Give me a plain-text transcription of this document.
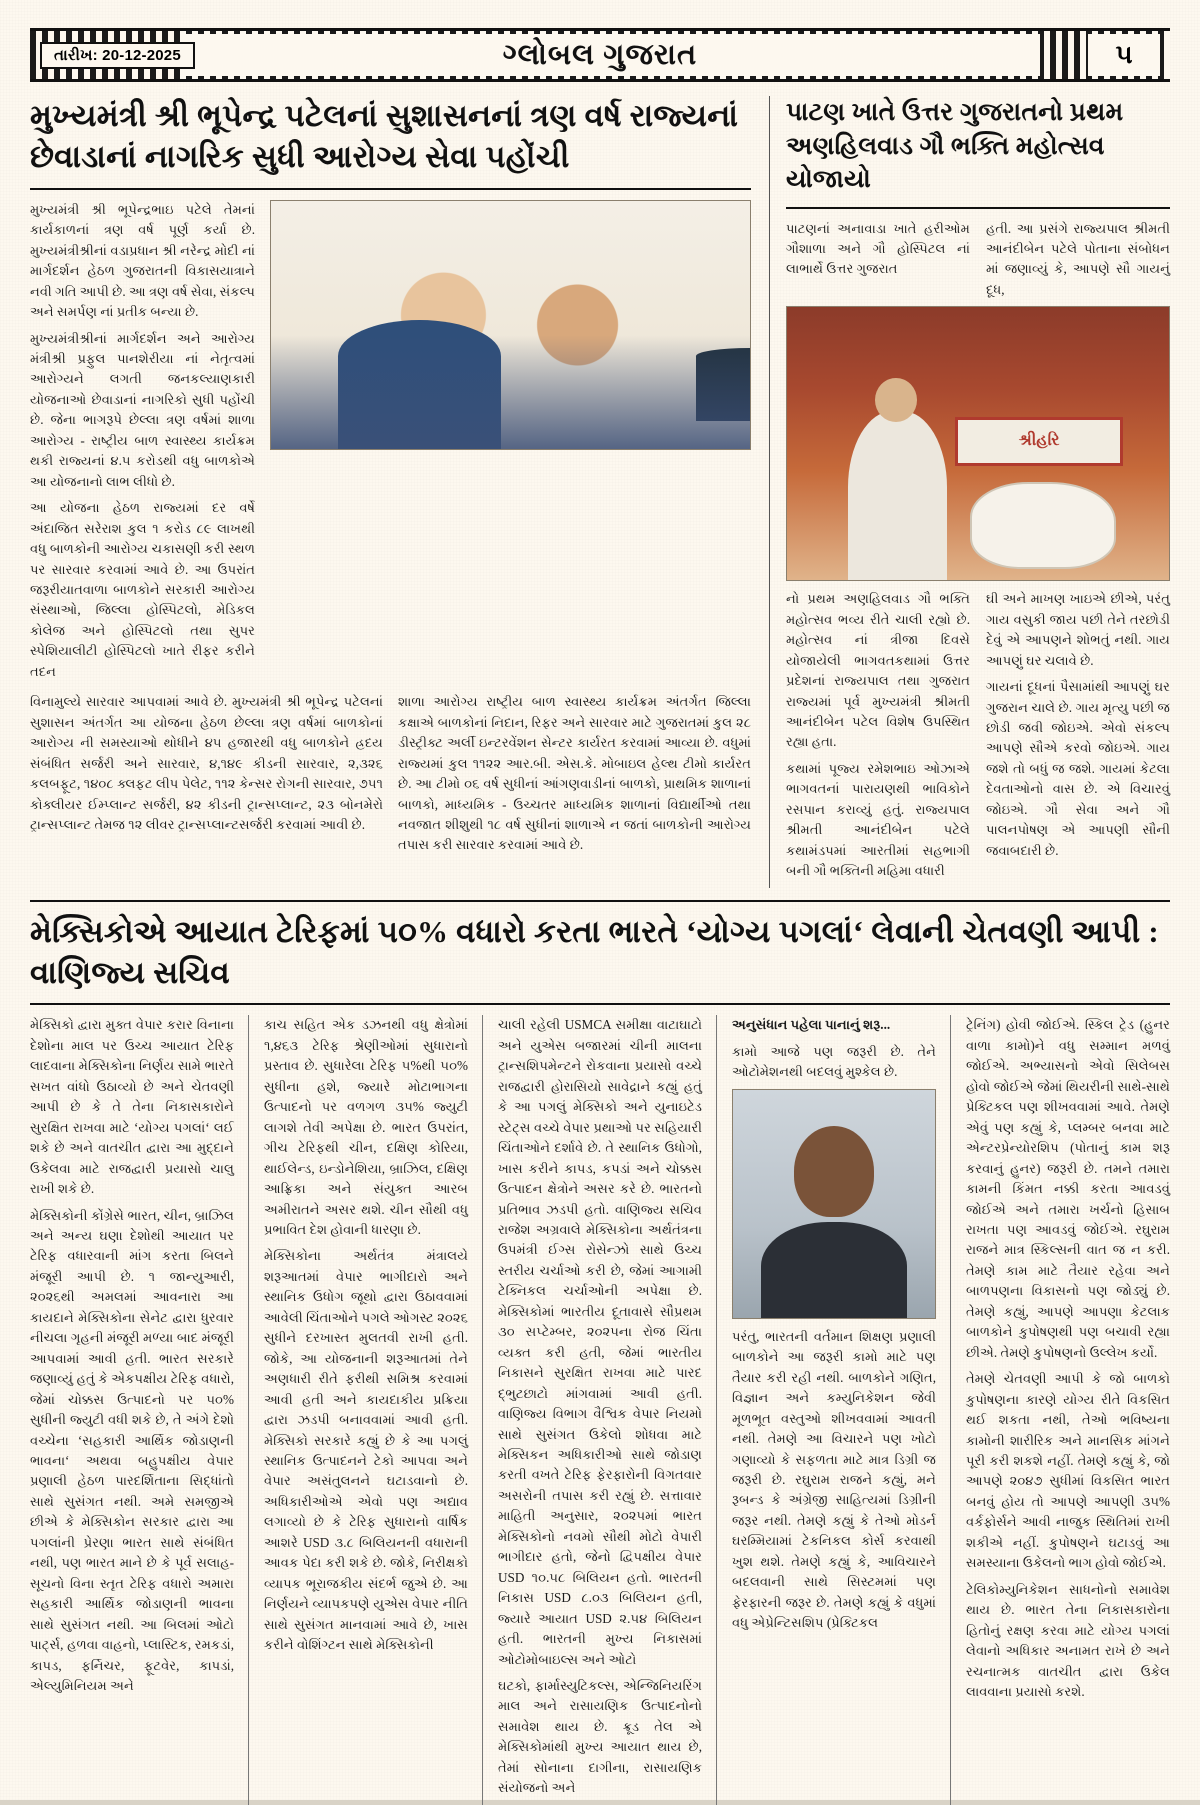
તારીખ: 20-12-2025	ગ્લોબલ ગુજરાત	૫
મુખ્યમંત્રી શ્રી ભૂપેન્દ્ર પટેલનાં સુશાસનનાં ત્રણ વર્ષ રાજ્યનાં છેવાડાનાં નાગરિક સુધી આરોગ્ય સેવા પહોંચી

મુખ્યમંત્રી શ્રી ભૂપેન્દ્રભાઇ પટેલે તેમનાં કાર્યકાળનાં ત્રણ વર્ષ પૂર્ણ કર્યા છે. મુખ્યમંત્રીશ્રીનાં વડાપ્રધાન શ્રી નરેન્દ્ર મોદી નાં માર્ગદર્શન હેઠળ ગુજરાતની વિકાસયાત્રાને નવી ગતિ આપી છે. આ ત્રણ વર્ષ સેવા, સંકલ્પ અને સમર્પણ નાં પ્રતીક બન્યા છે.

મુખ્યમંત્રીશ્રીનાં માર્ગદર્શન અને આરોગ્ય મંત્રીશ્રી પ્રફુલ પાનશેરીયા નાં નેતૃત્વમાં આરોગ્યને લગતી જનકલ્યાણકારી યોજનાઓ છેવાડાનાં નાગરિકો સુધી પહોંચી છે. જેના ભાગરૂપે છેલ્લા ત્રણ વર્ષમાં શાળા આરોગ્ય - રાષ્ટ્રીય બાળ સ્વાસ્થ્ય કાર્યક્રમ થકી રાજ્યનાં ૪.૫ કરોડથી વધુ બાળકોએ આ યોજનાનો લાભ લીધો છે.

આ યોજના હેઠળ રાજ્યમાં દર વર્ષે અંદાજિત સરેરાશ કુલ ૧ કરોડ ૮૯ લાખથી વધુ બાળકોની આરોગ્ય ચકાસણી કરી સ્થળ પર સારવાર કરવામાં આવે છે. આ ઉપરાંત જરૂરીયાતવાળા બાળકોને સરકારી આરોગ્ય સંસ્થાઓ, જિલ્લા હોસ્પિટલો, મેડિકલ કોલેજ અને હોસ્પિટલો તથા સુપર સ્પેશિયાલીટી હોસ્પિટલો ખાતે રીફર કરીને તદન

વિનામુલ્યે સારવાર આપવામાં આવે છે. મુખ્યમંત્રી શ્રી ભૂપેન્દ્ર પટેલનાં સુશાસન અંતર્ગત આ યોજના હેઠળ છેલ્લા ત્રણ વર્ષમાં બાળકોનાં આરોગ્ય ની સમસ્યાઓ થોધીને ૪૫ હજારથી વધુ બાળકોને હ્રદય સંબંધિત સર્જરી અને સારવાર, ૪,૧૪૯ કીડની સારવાર, ૨,૩૨૬ કલબફૂટ, ૧૪૦૮ ક્લફટ લીપ પેલેટ, ૧૧૨ કેન્સર રોગની સારવાર, ૭૫૧ કોક્લીયર ઈમ્પ્લાન્ટ સર્જરી, ૪૨ કીડની ટ્રાન્સપ્લાન્ટ, ૨૩ બોનમેરો ટ્રાન્સપ્લાન્ટ તેમજ ૧૨ લીવર ટ્રાન્સપ્લાન્ટસર્જરી કરવામાં આવી છે.

શાળા આરોગ્ય રાષ્ટ્રીય બાળ સ્વાસ્થ્ય કાર્યક્રમ અંતર્ગત જિલ્લા કક્ષાએ બાળકોનાં નિદાન, રિફર અને સારવાર માટે ગુજરાતમાં કુલ ૨૮ ડીસ્ટ્રીક્ટ અર્લી ઇન્ટરવેંશન સેન્ટર કાર્યરત કરવામાં આવ્યા છે. વધુમાં રાજ્યમાં કુલ ૧૧૨૨ આર.બી. એસ.કે. મોબાઇલ હેલ્થ ટીમો કાર્યરત છે. આ ટીમો ૦૬ વર્ષ સુધીનાં આંગણવાડીનાં બાળકો, પ્રાથમિક શાળાનાં બાળકો, માધ્યમિક - ઉચ્ચતર માધ્યમિક શાળાનાં વિદ્યાર્થીઓ તથા નવજાત શીશુથી ૧૮ વર્ષ સુધીનાં શાળાએ ન જતાં બાળકોની આરોગ્ય તપાસ કરી સારવાર કરવામાં આવે છે.

પાટણ ખાતે ઉત્તર ગુજરાતનો પ્રથમ અણહિલવાડ ગૌ ભક્તિ મહોત્સવ યોજાયો

પાટણનાં અનાવાડા ખાતે હરીઓમ ગૌશાળા અને ગૌ હોસ્પિટલ નાં લાભાર્થે ઉત્તર ગુજરાત

હતી. આ પ્રસંગે રાજ્યપાલ શ્રીમતી આનંદીબેન પટેલે પોતાના સંબોધન માં જણાવ્યું કે, આપણે સૌ ગાયનું દૂધ,

શ્રીહરિ

નો પ્રથમ અણહિલવાડ ગૌ ભક્તિ મહોત્સવ ભવ્ય રીતે ચાલી રહ્યો છે. મહોત્સવ નાં ત્રીજા દિવસે યોજાયેલી ભાગવતકથામાં ઉત્તર પ્રદેશનાં રાજ્યપાલ તથા ગુજરાત રાજ્યમાં પૂર્વ મુખ્યમંત્રી શ્રીમતી આનંદીબેન પટેલ વિશેષ ઉપસ્થિત રહ્યા હતા.

કથામાં પૂજ્ય રમેશભાઇ ઓઝાએ ભાગવતનાં પારાયણથી ભાવિકોને રસપાન કરાવ્યું હતું. રાજ્યપાલ શ્રીમતી આનંદીબેન પટેલે કથામંડપમાં આરતીમાં સહભાગી બની ગૌ ભક્તિની મહિમા વધારી

ઘી અને માખણ ખાઇએ છીએ, પરંતુ ગાય વસુકી જાય પછી તેને તરછોડી દેવું એ આપણને શોભતું નથી. ગાય આપણું ઘર ચલાવે છે.

ગાયનાં દૂધનાં પૈસામાંથી આપણું ઘર ગુજરાન ચાલે છે. ગાય મૃત્યુ પછી જ છોડી જવી જોઇએ. એવો સંકલ્પ આપણે સૌએ કરવો જોઇએ. ગાય જશે તો બધું જ જશે. ગાયમાં કેટલા દેવતાઓનો વાસ છે. એ વિચારવું જોઇએ. ગૌ સેવા અને ગૌ પાલનપોષણ એ આપણી સૌની જવાબદારી છે.

મેક્સિકોએ આયાત ટેરિફમાં ૫૦% વધારો કરતા ભારતે ‘યોગ્ય પગલાં‘ લેવાની ચેતવણી આપી : વાણિજ્ય સચિવ

મેક્સિકો દ્વારા મુક્ત વેપાર કરાર વિનાના દેશોના માલ પર ઉચ્ચ આયાત ટેરિફ લાદવાના મેક્સિકોના નિર્ણય સામે ભારતે સખત વાંધો ઉઠાવ્યો છે અને ચેતવણી આપી છે કે તે તેના નિકાસકારોને સુરક્ષિત રાખવા માટે ‘યોગ્ય પગલાં‘ લઈ શકે છે અને વાતચીત દ્વારા આ મુદ્દાને ઉકેલવા માટે રાજદ્વારી પ્રયાસો ચાલુ રાખી શકે છે.

મેક્સિકોની કોંગ્રેસે ભારત, ચીન, બ્રાઝિલ અને અન્ય ઘણા દેશોથી આયાત પર ટેરિફ વધારવાની માંગ કરતા બિલને મંજૂરી આપી છે. ૧ જાન્યુઆરી, ૨૦૨૬થી અમલમાં આવનારા આ કાયદાને મેક્સિકોના સેનેટ દ્વારા ધુરવાર નીચલા ગૃહની મંજૂરી મળ્યા બાદ મંજૂરી આપવામાં આવી હતી. ભારત સરકારે જણાવ્યું હતું કે એકપક્ષીય ટેરિફ વધારો, જેમાં ચોક્કસ ઉત્પાદનો પર ૫૦% સુધીની જ્યુટી વધી શકે છે, તે અંગે દેશો વચ્ચેના ‘સહકારી આર્થિક જોડાણની ભાવના‘ અથવા બહુપક્ષીય વેપાર પ્રણાલી હેઠળ પારદર્શિતાના સિદ્ધાંતો સાથે સુસંગત નથી. અમે સમજીએ છીએ કે મેક્સિકોન સરકાર દ્વારા આ પગલાંની પ્રેરણા ભારત સાથે સંબંધિત નથી, પણ ભારત માને છે કે પૂર્વ સલાહ-સૂચનો વિના સ્તૃત ટેરિફ વધારો અમારા સહકારી આર્થિક જોડાણની ભાવના સાથે સુસંગત નથી. આ બિલમાં ઓટો પાર્ટ્સ, હળવા વાહનો, પ્લાસ્ટિક, રમકડાં, કાપડ, ફર્નિચર, ફૂટવેર, કાપડાં, એલ્યુમિનિયમ અને

કાચ સહિત એક ડઝનથી વધુ ક્ષેત્રોમાં ૧,૪૬૩ ટેરિફ શ્રેણીઓમાં સુધારાનો પ્રસ્તાવ છે. સુધારેલા ટેરિફ ૫%થી ૫૦% સુધીના હશે, જ્યારે મોટાભાગના ઉત્પાદનો પર વળગળ ૩૫% જ્યુટી લાગશે તેવી અપેક્ષા છે. ભારત ઉપરાંત, ગીચ ટેરિફથી ચીન, દક્ષિણ કોરિયા, થાઈલેન્ડ, ઇન્ડોનેશિયા, બ્રાઝિલ, દક્ષિણ આફ્રિકા અને સંયુક્ત આરબ અમીરાતને અસર થશે. ચીન સૌથી વધુ પ્રભાવિત દેશ હોવાની ધારણા છે.

મેક્સિકોના અર્થતંત્ર મંત્રાલયે શરૂઆતમાં વેપાર ભાગીદારો અને સ્થાનિક ઉધોગ જૂથો દ્વારા ઉઠાવવામાં આવેલી ચિંતાઓને પગલે ઓગસ્ટ ૨૦૨૬ સુધીને દરખાસ્ત મુલતવી રાખી હતી. જોકે, આ યોજનાની શરૂઆતમાં તેને અણધારી રીતે ફરીથી સમિશ્ર કરવામાં આવી હતી અને કાયદાકીય પ્રક્રિયા દ્વારા ઝડપી બનાવવામાં આવી હતી. મેક્સિકો સરકારે કહ્યું છે કે આ પગલું સ્થાનિક ઉત્પાદનને ટેકો આપવા અને વેપાર અસંતુલનને ઘટાડવાનો છે. અધિકારીઓએ એવો પણ અદ્યાવ લગાવ્યો છે કે ટેરિફ સુધારાનો વાર્ષિક આશરે USD ૩.૮ બિલિયનની વધારાની આવક પેદા કરી શકે છે. જોકે, નિરીક્ષકો વ્યાપક ભૂરાજકીય સંદર્ભ જુએ છે. આ નિર્ણયને વ્યાપકપણે યુએસ વેપાર નીતિ સાથે સુસંગત માનવામાં આવે છે, ખાસ કરીને વોશિંગ્ટન સાથે મેક્સિકોની

ચાલી રહેલી USMCA સમીક્ષા વાટાઘાટો અને યુએસ બજારમાં ચીની માલના ટ્રાન્સશિપમેન્ટને રોકવાના પ્રયાસો વચ્ચે રાજદ્વારી હોરાસિયો સાવેદ્રાને કહ્યું હતું કે આ પગલું મેક્સિકો અને યુનાઇટેડ સ્ટેટ્સ વચ્ચે વેપાર પ્રથાઓ પર સહિયારી ચિંતાઓને દર્શાવે છે. તે સ્થાનિક ઉધોગો, ખાસ કરીને કાપડ, કપડાં અને ચોક્કસ ઉત્પાદન ક્ષેત્રોને અસર કરે છે. ભારતનો પ્રતિભાવ ઝડપી હતો. વાણિજ્ય સચિવ રાજેશ અગ્રવાલે મેક્સિકોના અર્થતંત્રના ઉપમંત્રી ઈગ્સ રોસેન્ઝો સાથે ઉચ્ચ સ્તરીય ચર્ચાઓ કરી છે, જેમાં આગામી ટેક્નિકલ ચર્ચાઓની અપેક્ષા છે. મેક્સિકોમાં ભારતીય દૂતાવાસે સૌપ્રથમ ૩૦ સપ્ટેમ્બર, ૨૦૨૫ના રોજ ચિંતા વ્યક્ત કરી હતી, જેમાં ભારતીય નિકાસને સુરક્ષિત રાખવા માટે પારદ દ્ભુટછાટો માંગવામાં આવી હતી. વાણિજ્ય વિભાગ વૈશ્વિક વેપાર નિયમો સાથે સુસંગત ઉકેલો શોધવા માટે મેક્સિકન અધિકારીઓ સાથે જોડાણ કરતી વખતે ટેરિફ ફેરફારોની વિગતવાર અસરોની તપાસ કરી રહ્યું છે. સત્તાવાર માહિતી અનુસાર, ૨૦૨૫માં ભારત મેક્સિકોનો નવમો સૌથી મોટો વેપારી ભાગીદાર હતો, જેનો દ્વિપક્ષીય વેપાર USD ૧૦.૫૮ બિલિયન હતો. ભારતની નિકાસ USD ૮.૦૩ બિલિયન હતી, જ્યારે આયાત USD ૨.૫૪ બિલિયન હતી. ભારતની મુખ્ય નિકાસમાં ઓટોમોબાઇલ્સ અને ઓટો

ઘટકો, ફાર્માસ્યુટિકલ્સ, એન્જિનિયરિંગ માલ અને રાસાયણિક ઉત્પાદનોનો સમાવેશ થાય છે. ક્રૂડ તેલ એ મેક્સિકોમાંથી મુખ્ય આયાત થાય છે, તેમાં સોનાના દાગીના, રાસાયણિક સંયોજનો અને

અનુસંધાન પહેલા પાનાનું શરૂ...

કામો આજે પણ જરૂરી છે. તેને ઓટોમેશનથી બદલવું મુશ્કેલ છે.

પરંતુ, ભારતની વર્તમાન શિક્ષણ પ્રણાલી બાળકોને આ જરૂરી કામો માટે પણ તૈયાર કરી રહી નથી. બાળકોને ગણિત, વિજ્ઞાન અને કમ્યુનિકેશન જેવી મૂળભૂત વસ્તુઓ શીખવવામાં આવતી નથી. તેમણે આ વિચારને પણ ખોટો ગણાવ્યો કે સફળતા માટે માત્ર ડિગ્રી જ જરૂરી છે. રઘુરામ રાજને કહ્યું, મને રૂબન્ડ કે અંગ્રેજી સાહિત્યમાં ડિગ્રીની જરૂર નથી. તેમણે કહ્યું કે તેઓ મોડર્ન ઘરમ્મિયામાં ટેકનિકલ કોર્સ કરવાથી ખુશ થશે. તેમણે કહ્યું કે, આવિચારને બદલવાની સાથે સિસ્ટમમાં પણ ફેરફારની જરૂર છે. તેમણે કહ્યું કે વધુમાં વધુ એપ્રેન્ટિસશિપ (પ્રેક્ટિકલ

ટ્રેનિંગ) હોવી જોઈએ. સ્કિલ ટ્રેડ (હુનર વાળા કામો)ને વધુ સમ્માન મળવું જોઈએ. અભ્યાસનો એવો સિલેબસ હોવો જોઈએ જેમાં થિયરીની સાથે-સાથે પ્રેક્ટિકલ પણ શીખવવામાં આવે. તેમણે એવું પણ કહ્યું કે, પ્લમ્બર બનવા માટે એન્ટરપ્રેન્યોરશિપ (પોતાનું કામ શરૂ કરવાનું હુનર) જરૂરી છે. તમને તમારા કામની કિંમત નક્કી કરતા આવડવું જોઈએ અને તમારા ખર્ચનો હિસાબ રાખતા પણ આવડવું જોઈએ. રઘુરામ રાજને માત્ર સ્કિલ્સની વાત જ ન કરી. તેમણે કામ માટે તૈયાર રહેવા અને બાળપણના વિકાસનો પણ જોડ્યું છે. તેમણે કહ્યું, આપણે આપણા કેટલાક બાળકોને કુપોષણથી પણ બચાવી રહ્યા છીએ. તેમણે કુપોષણનો ઉલ્લેખ કર્યો.

તેમણે ચેતવણી આપી કે જો બાળકો કુપોષણના કારણે યોગ્ય રીતે વિકસિત થઈ શકતા નથી, તેઓ ભવિષ્યના કામોની શારીરિક અને માનસિક માંગને પૂરી કરી શકશે નહીં. તેમણે કહ્યું કે, જો આપણે ૨૦૪૭ સુધીમાં વિકસિત ભારત બનવું હોય તો આપણે આપણી ૩૫% વર્કફોર્સને આવી નાજુક સ્થિતિમાં રાખી શકીએ નહીં. કુપોષણને ઘટાડવું આ સમસ્યાના ઉકેલનો ભાગ હોવો જોઈએ.

ટેલિકોમ્યુનિકેશન સાધનોનો સમાવેશ થાય છે. ભારત તેના નિકાસકારોના હિતોનું રક્ષણ કરવા માટે યોગ્ય પગલાં લેવાનો અધિકાર અનામત રાખે છે અને રચનાત્મક વાતચીત દ્વારા ઉકેલ લાવવાના પ્રયાસો કરશે.
